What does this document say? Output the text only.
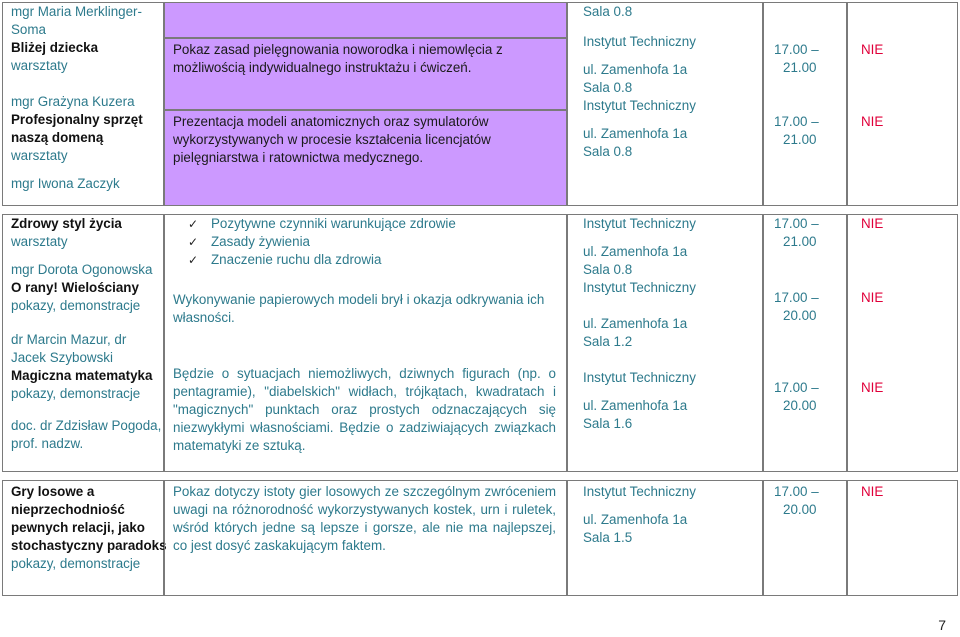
mgr Maria Merklinger-
Soma
Bliżej dziecka
warsztaty
mgr Grażyna Kuzera
Profesjonalny sprzęt
naszą domeną
warsztaty
mgr Iwona Zaczyk
Pokaz zasad pielęgnowania noworodka i niemowlęcia z możliwością indywidualnego instruktażu i ćwiczeń.
Prezentacja modeli anatomicznych oraz symulatorów wykorzystywanych w procesie kształcenia licencjatów pielęgniarstwa i ratownictwa medycznego.
Sala 0.8
Instytut Techniczny
ul. Zamenhofa 1a
Sala 0.8
Instytut Techniczny
ul. Zamenhofa 1a
Sala 0.8
17.00 –
21.00
17.00 –
21.00
NIE
NIE
Zdrowy styl życia
warsztaty
mgr Dorota Ogonowska
O rany! Wielościany
pokazy, demonstracje
dr Marcin Mazur, dr
Jacek Szybowski
Magiczna matematyka
pokazy, demonstracje
doc. dr Zdzisław Pogoda,
prof. nadzw.
✓ Pozytywne czynniki warunkujące zdrowie
✓ Zasady żywienia
✓ Znaczenie ruchu dla zdrowia
Wykonywanie papierowych modeli brył i okazja odkrywania ich własności.
Będzie o sytuacjach niemożliwych, dziwnych figurach (np. o pentagramie), "diabelskich" widłach, trójkątach, kwadratach i "magicznych" punktach oraz prostych odznaczających się niezwykłymi własnościami. Będzie o zadziwiających związkach matematyki ze sztuką.
Instytut Techniczny
ul. Zamenhofa 1a
Sala 0.8
Instytut Techniczny
ul. Zamenhofa 1a
Sala 1.2
Instytut Techniczny
ul. Zamenhofa 1a
Sala 1.6
17.00 –
21.00
17.00 –
20.00
17.00 –
20.00
NIE
NIE
NIE
Gry losowe a
nieprzechodniość
pewnych relacji, jako
stochastyczny paradoks
pokazy, demonstracje
Pokaz dotyczy istoty gier losowych ze szczególnym zwróceniem uwagi na różnorodność wykorzystywanych kostek, urn i ruletek, wśród których jedne są lepsze i gorsze, ale nie ma najlepszej, co jest dosyć zaskakującym faktem.
Instytut Techniczny
ul. Zamenhofa 1a
Sala 1.5
17.00 –
20.00
NIE
7
